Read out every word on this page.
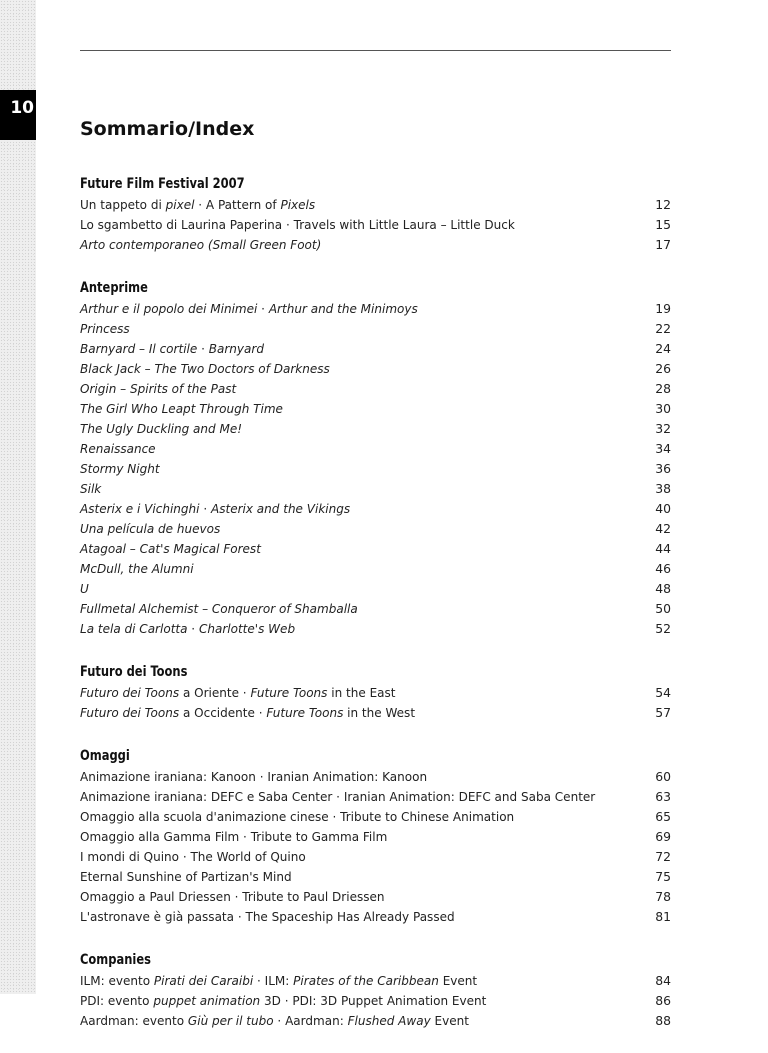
10
Sommario/Index
Future Film Festival 2007
Un tappeto di pixel · A Pattern of Pixels	12
Lo sgambetto di Laurina Paperina · Travels with Little Laura – Little Duck	15
Arto contemporaneo (Small Green Foot)	17
Anteprime
Arthur e il popolo dei Minimei · Arthur and the Minimoys	19
Princess	22
Barnyard – Il cortile · Barnyard	24
Black Jack – The Two Doctors of Darkness	26
Origin – Spirits of the Past	28
The Girl Who Leapt Through Time	30
The Ugly Duckling and Me!	32
Renaissance	34
Stormy Night	36
Silk	38
Asterix e i Vichinghi · Asterix and the Vikings	40
Una película de huevos	42
Atagoal – Cat's Magical Forest	44
McDull, the Alumni	46
U	48
Fullmetal Alchemist – Conqueror of Shamballa	50
La tela di Carlotta · Charlotte's Web	52
Futuro dei Toons
Futuro dei Toons a Oriente · Future Toons in the East	54
Futuro dei Toons a Occidente · Future Toons in the West	57
Omaggi
Animazione iraniana: Kanoon · Iranian Animation: Kanoon	60
Animazione iraniana: DEFC e Saba Center · Iranian Animation: DEFC and Saba Center	63
Omaggio alla scuola d'animazione cinese · Tribute to Chinese Animation	65
Omaggio alla Gamma Film · Tribute to Gamma Film	69
I mondi di Quino · The World of Quino	72
Eternal Sunshine of Partizan's Mind	75
Omaggio a Paul Driessen · Tribute to Paul Driessen	78
L'astronave è già passata · The Spaceship Has Already Passed	81
Companies
ILM: evento Pirati dei Caraibi · ILM: Pirates of the Caribbean Event	84
PDI: evento puppet animation 3D · PDI: 3D Puppet Animation Event	86
Aardman: evento Giù per il tubo · Aardman: Flushed Away Event	88
